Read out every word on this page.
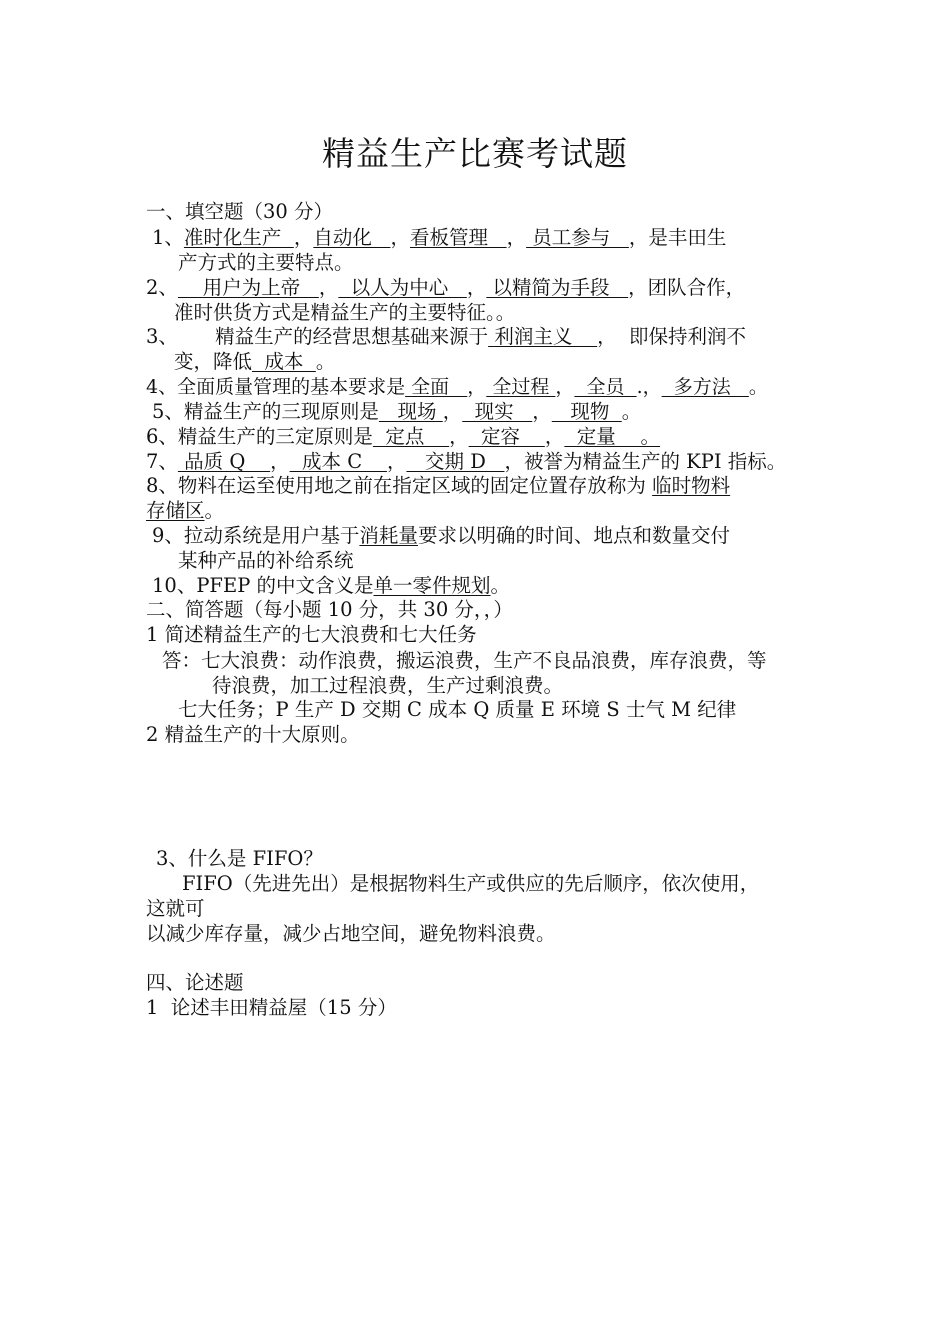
精益生产比赛考试题
一、填空题（30 分）
1、准时化生产  ，自动化   ，看板管理   ， 员工参与   ，是丰田生
产方式的主要特点。
2、    用户为上帝   ，  以人为中心   ， 以精简为手段   ，团队合作，
准时供货方式是精益生产的主要特征。。
3、      精益生产的经营思想基础来源于 利润主义    ，  即保持利润不
变，降低  成本  。
4、全面质量管理的基本要求是 全面   ， 全过程 ，  全员  .，  多方法   。
5、精益生产的三现原则是   现场 ，  现实   ，   现物  。
6、精益生产的三定原则是  定点    ，  定容    ，  定量    。
7、 品质 Q    ，  成本 C    ，   交期 D   ，被誉为精益生产的 KPI 指标。
8、物料在运至使用地之前在指定区域的固定位置存放称为 临时物料
存储区。
9、拉动系统是用户基于消耗量要求以明确的时间、地点和数量交付
某种产品的补给系统
10、PFEP 的中文含义是单一零件规划。
二、简答题（每小题 10 分，共 30 分，，）
1 简述精益生产的七大浪费和七大任务
答：七大浪费：动作浪费，搬运浪费，生产不良品浪费，库存浪费，等
待浪费，加工过程浪费，生产过剩浪费。
七大任务；P 生产 D 交期 C 成本 Q 质量 E 环境 S 士气 M 纪律
2 精益生产的十大原则。
3、什么是 FIFO？
FIFO（先进先出）是根据物料生产或供应的先后顺序，依次使用，
这就可
以减少库存量，减少占地空间，避免物料浪费。
四、论述题
1  论述丰田精益屋（15 分）
